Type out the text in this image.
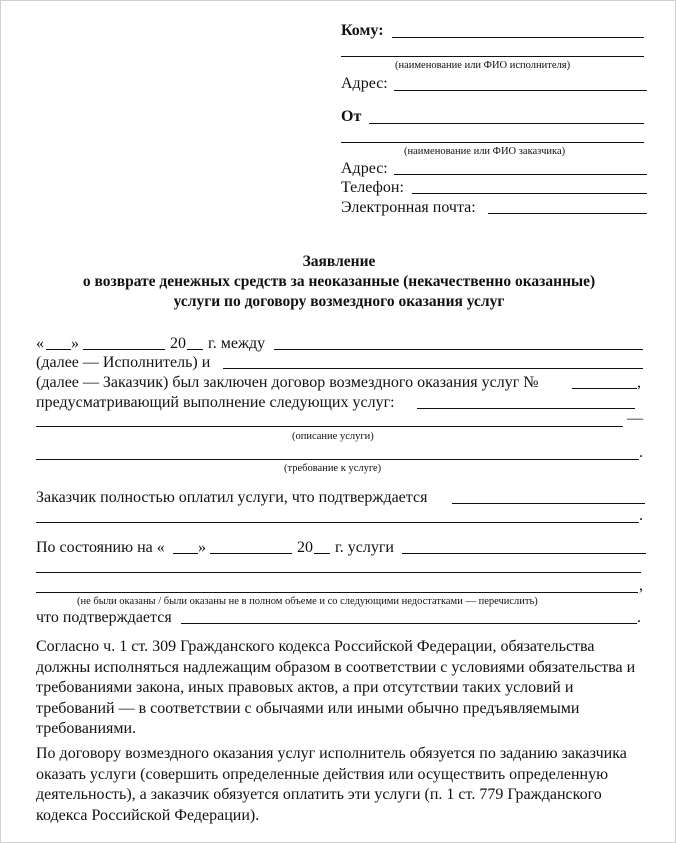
Кому:
(наименование или ФИО исполнителя)
Адрес:
От
(наименование или ФИО заказчика)
Адрес:
Телефон:
Электронная почта:
Заявление
о возврате денежных средств за неоказанные (некачественно оказанные)
услуги по договору возмездного оказания услуг
« »	20 г. между
(далее — Исполнитель) и
(далее — Заказчик) был заключен договор возмездного оказания услуг №	,
предусматривающий выполнение следующих услуг:
—
(описание услуги)
.
(требование к услуге)
Заказчик полностью оплатил услуги, что подтверждается
.
По состоянию на « »	20 г. услуги
,
(не были оказаны / были оказаны не в полном объеме и со следующими недостатками — перечислить)
что подтверждается	.
Согласно ч. 1 ст. 309 Гражданского кодекса Российской Федерации, обязательства должны исполняться надлежащим образом в соответствии с условиями обязательства и требованиями закона, иных правовых актов, а при отсутствии таких условий и требований — в соответствии с обычаями или иными обычно предъявляемыми требованиями.
По договору возмездного оказания услуг исполнитель обязуется по заданию заказчика оказать услуги (совершить определенные действия или осуществить определенную деятельность), а заказчик обязуется оплатить эти услуги (п. 1 ст. 779 Гражданского кодекса Российской Федерации).
